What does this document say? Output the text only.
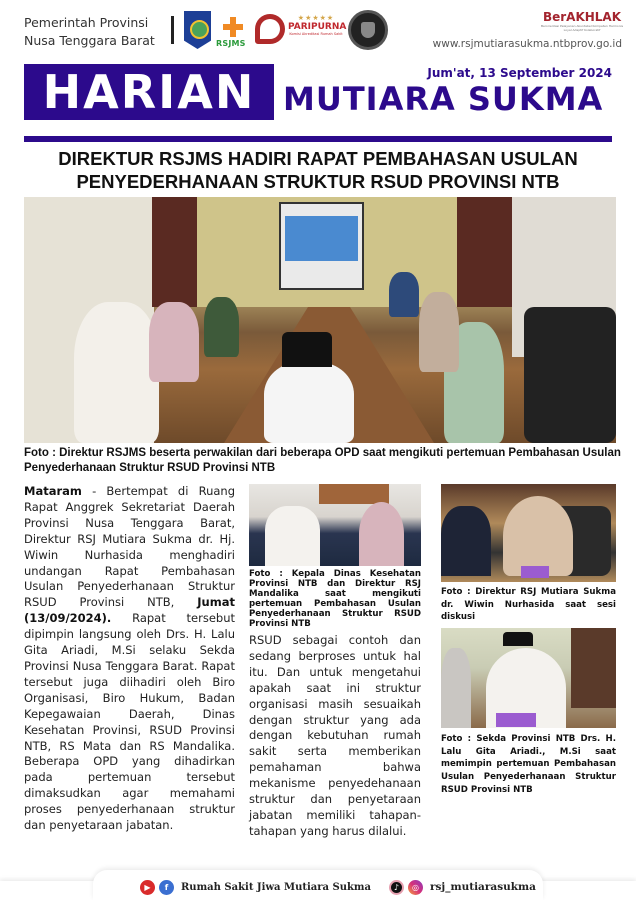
Pemerintah Provinsi
Nusa Tenggara Barat	RSJMS
★★★★★
PARIPURNA
Komisi Akreditasi Rumah Sakit
BerAKHLAK
Berorientasi Pelayanan Akuntabel Kompeten Harmonis Loyal Adaptif Kolaboratif
www.rsjmutiarasukma.ntbprov.go.id
HARIAN	Jum'at, 13 September 2024
MUTIARA SUKMA
DIREKTUR RSJMS HADIRI RAPAT PEMBAHASAN USULAN
PENYEDERHANAAN STRUKTUR RSUD PROVINSI NTB
Foto : Direktur RSJMS beserta perwakilan dari beberapa OPD saat mengikuti pertemuan Pembahasan Usulan Penyederhanaan Struktur RSUD Provinsi NTB
Mataram - Bertempat di Ruang Rapat Anggrek Sekretariat Daerah Provinsi Nusa Tenggara Barat, Direktur RSJ Mutiara Sukma dr. Hj. Wiwin Nurhasida menghadiri undangan Rapat Pembahasan Usulan Penyederhanaan Struktur RSUD Provinsi NTB, Jumat (13/09/2024). Rapat tersebut dipimpin langsung oleh Drs. H. Lalu Gita Ariadi, M.Si selaku Sekda Provinsi Nusa Tenggara Barat. Rapat tersebut juga diihadiri oleh Biro Organisasi, Biro Hukum, Badan Kepegawaian Daerah, Dinas Kesehatan Provinsi, RSUD Provinsi NTB, RS Mata dan RS Mandalika. Beberapa OPD yang dihadirkan pada pertemuan tersebut dimaksudkan agar memahami proses penyederhanaan struktur dan penyetaraan jabatan.
Foto : Kepala Dinas Kesehatan Provinsi NTB dan Direktur RSJ Mandalika saat mengikuti pertemuan Pembahasan Usulan Penyederhanaan Struktur RSUD Provinsi NTB
RSUD sebagai contoh dan sedang berproses untuk hal itu. Dan untuk mengetahui apakah saat ini struktur organisasi masih sesuaikah dengan struktur yang ada dengan kebutuhan rumah sakit serta memberikan pemahaman bahwa mekanisme penyedehanaan struktur dan penyetaraan jabatan memiliki tahapan-tahapan yang harus dilalui.
Foto : Direktur RSJ Mutiara Sukma dr. Wiwin Nurhasida saat sesi diskusi
Foto : Sekda Provinsi NTB Drs. H. Lalu Gita Ariadi., M.Si saat memimpin pertemuan Pembahasan Usulan Penyederhanaan Struktur RSUD Provinsi NTB
▶	f	Rumah Sakit Jiwa Mutiara Sukma	♪	◎	rsj_mutiarasukma
